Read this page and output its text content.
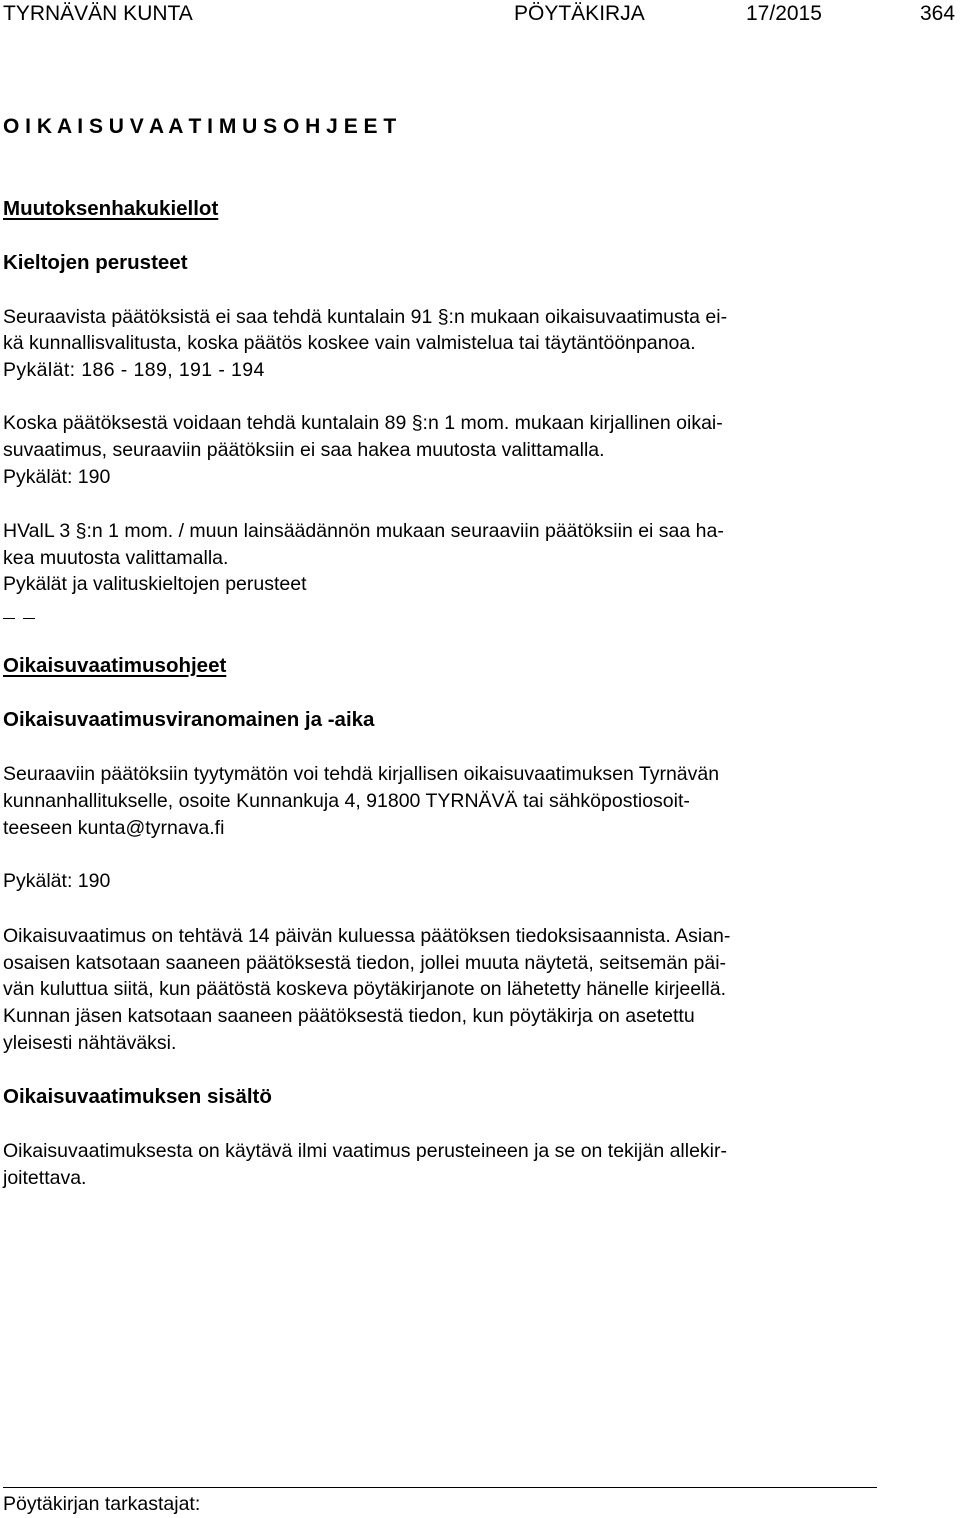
TYRNÄVÄN KUNTA	PÖYTÄKIRJA	17/2015	364
O I K A I S U V A A T I M U S O H J E E T
Muutoksenhakukiellot
Kieltojen perusteet
Seuraavista päätöksistä ei saa tehdä kuntalain 91 §:n mukaan oikaisuvaatimusta ei-
kä kunnallisvalitusta, koska päätös koskee vain valmistelua tai täytäntöönpanoa.
Pykälät: 186 - 189, 191 - 194
Koska päätöksestä voidaan tehdä kuntalain 89 §:n 1 mom. mukaan kirjallinen oikai-
suvaatimus, seuraaviin päätöksiin ei saa hakea muutosta valittamalla.
Pykälät: 190
HValL 3 §:n 1 mom. / muun lainsäädännön mukaan seuraaviin päätöksiin ei saa ha-
kea muutosta valittamalla.
Pykälät ja valituskieltojen perusteet
Oikaisuvaatimusohjeet
Oikaisuvaatimusviranomainen ja -aika
Seuraaviin päätöksiin tyytymätön voi tehdä kirjallisen oikaisuvaatimuksen Tyrnävän
kunnanhallitukselle, osoite Kunnankuja 4, 91800 TYRNÄVÄ tai sähköpostiosoit-
teeseen kunta@tyrnava.fi
Pykälät: 190
Oikaisuvaatimus on tehtävä 14 päivän kuluessa päätöksen tiedoksisaannista. Asian-
osaisen katsotaan saaneen päätöksestä tiedon, jollei muuta näytetä, seitsemän päi-
vän kuluttua siitä, kun päätöstä koskeva pöytäkirjanote on lähetetty hänelle kirjeellä.
Kunnan jäsen katsotaan saaneen päätöksestä tiedon, kun pöytäkirja on asetettu
yleisesti nähtäväksi.
Oikaisuvaatimuksen sisältö
Oikaisuvaatimuksesta on käytävä ilmi vaatimus perusteineen ja se on tekijän allekir-
joitettava.
Pöytäkirjan tarkastajat:
